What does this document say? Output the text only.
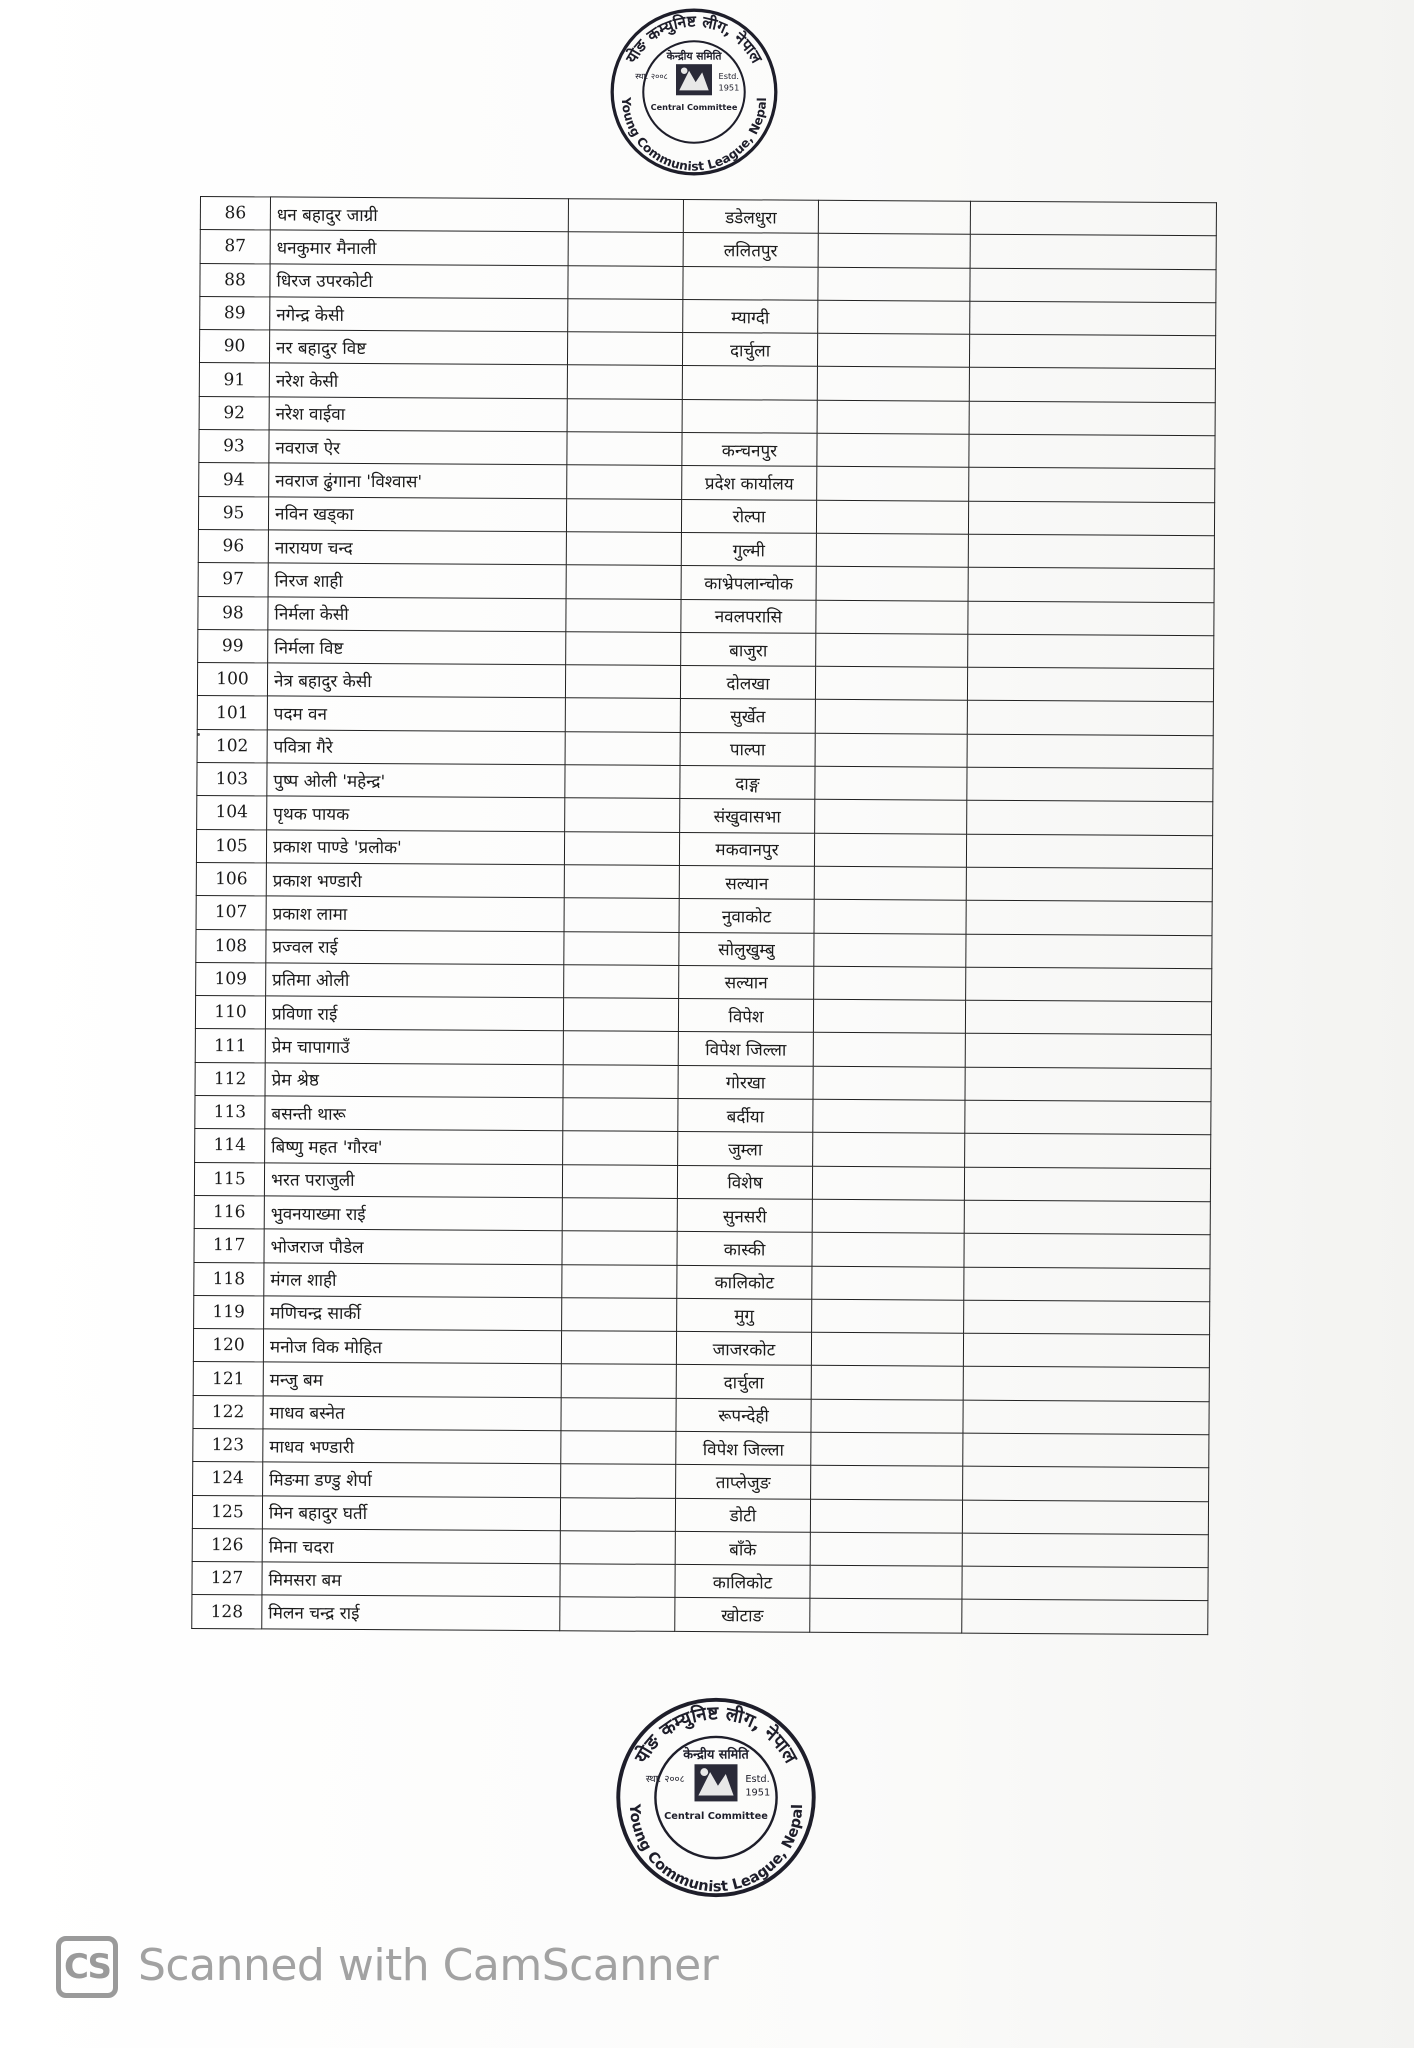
योङ कम्युनिष्ट लीग, नेपाल
Young Communist League, Nepal
केन्द्रीय समिति
स्था. २००८	Estd.
1951
Central Committee
86	धन बहादुर जाग्री		डडेलधुरा		
87	धनकुमार मैनाली		ललितपुर		
88	धिरज उपरकोटी				
89	नगेन्द्र केसी		म्याग्दी		
90	नर बहादुर विष्ट		दार्चुला		
91	नरेश केसी				
92	नरेश वाईवा				
93	नवराज ऐर		कन्चनपुर		
94	नवराज ढुंगाना 'विश्वास'		प्रदेश कार्यालय		
95	नविन खड्का		रोल्पा		
96	नारायण चन्द		गुल्मी		
97	निरज शाही		काभ्रेपलान्चोक		
98	निर्मला केसी		नवलपरासि		
99	निर्मला विष्ट		बाजुरा		
100	नेत्र बहादुर केसी		दोलखा		
101	पदम वन		सुर्खेत		
102	पवित्रा गैरे		पाल्पा		
103	पुष्प ओली 'महेन्द्र'		दाङ्ग		
104	पृथक पायक		संखुवासभा		
105	प्रकाश पाण्डे 'प्रलोक'		मकवानपुर		
106	प्रकाश भण्डारी		सल्यान		
107	प्रकाश लामा		नुवाकोट		
108	प्रज्वल राई		सोलुखुम्बु		
109	प्रतिमा ओली		सल्यान		
110	प्रविणा राई		विपेश		
111	प्रेम चापागाउँ		विपेश जिल्ला		
112	प्रेम श्रेष्ठ		गोरखा		
113	बसन्ती थारू		बर्दीया		
114	बिष्णु महत 'गौरव'		जुम्ला		
115	भरत पराजुली		विशेष		
116	भुवनयाख्मा राई		सुनसरी		
117	भोजराज पौडेल		कास्की		
118	मंगल शाही		कालिकोट		
119	मणिचन्द्र सार्की		मुगु		
120	मनोज विक मोहित		जाजरकोट		
121	मन्जु बम		दार्चुला		
122	माधव बस्नेत		रूपन्देही		
123	माधव भण्डारी		विपेश जिल्ला		
124	मिङमा डण्डु शेर्पा		ताप्लेजुङ		
125	मिन बहादुर घर्ती		डोटी		
126	मिना चदरा		बाँके		
127	मिमसरा बम		कालिकोट		
128	मिलन चन्द्र राई		खोटाङ		
योङ कम्युनिष्ट लीग, नेपाल
Young Communist League, Nepal
केन्द्रीय समिति
स्था. २००८	Estd.
1951
Central Committee
CS Scanned with CamScanner
